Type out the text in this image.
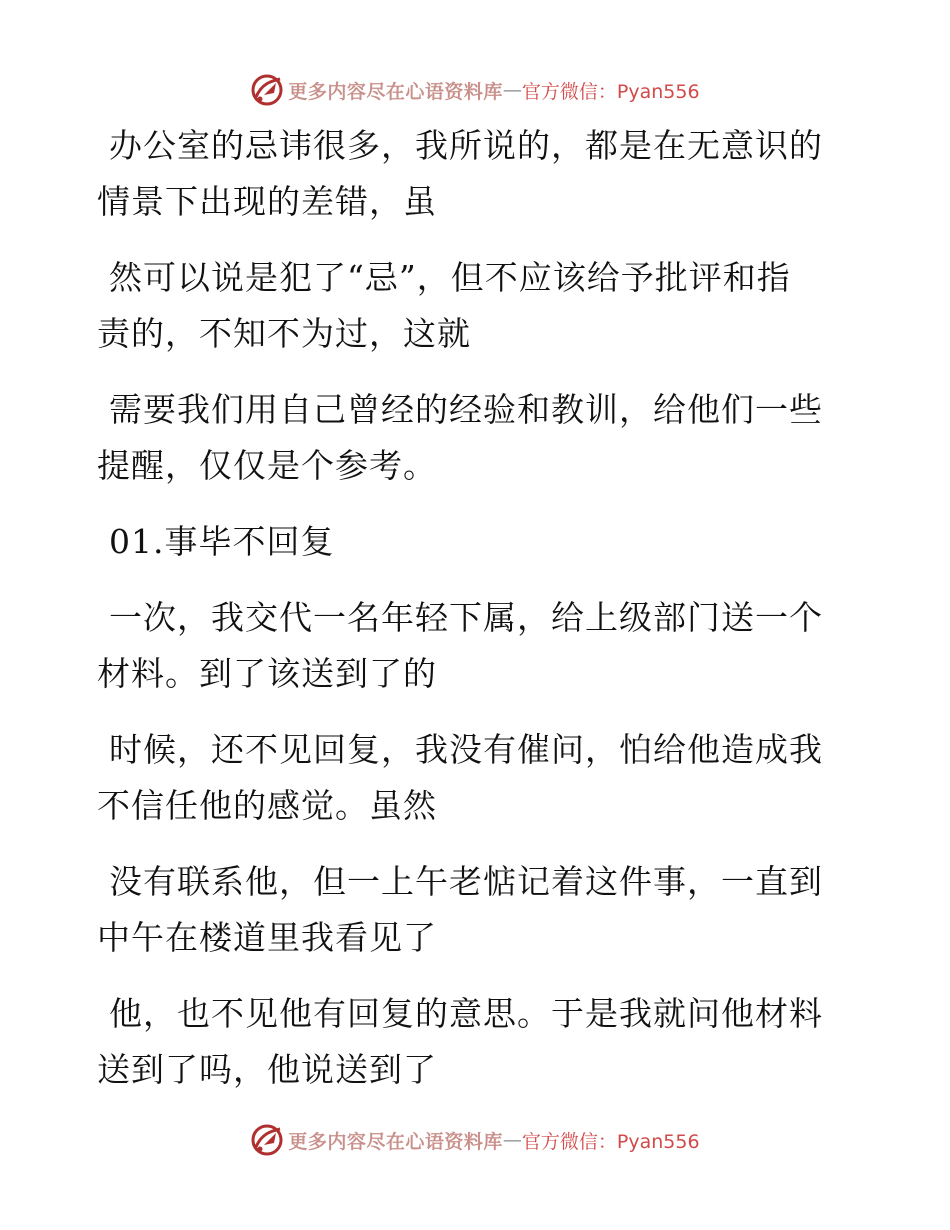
更多内容尽在心语资料库 — 官方微信：Pyan556

办公室的忌讳很多，我所说的，都是在无意识的
情景下出现的差错，虽

然可以说是犯了“忌”，但不应该给予批评和指
责的，不知不为过，这就

需要我们用自己曾经的经验和教训，给他们一些
提醒，仅仅是个参考。

01.事毕不回复

一次，我交代一名年轻下属，给上级部门送一个
材料。到了该送到了的

时候，还不见回复，我没有催问，怕给他造成我
不信任他的感觉。虽然

没有联系他，但一上午老惦记着这件事，一直到
中午在楼道里我看见了

他，也不见他有回复的意思。于是我就问他材料
送到了吗，他说送到了

更多内容尽在心语资料库 — 官方微信：Pyan556
